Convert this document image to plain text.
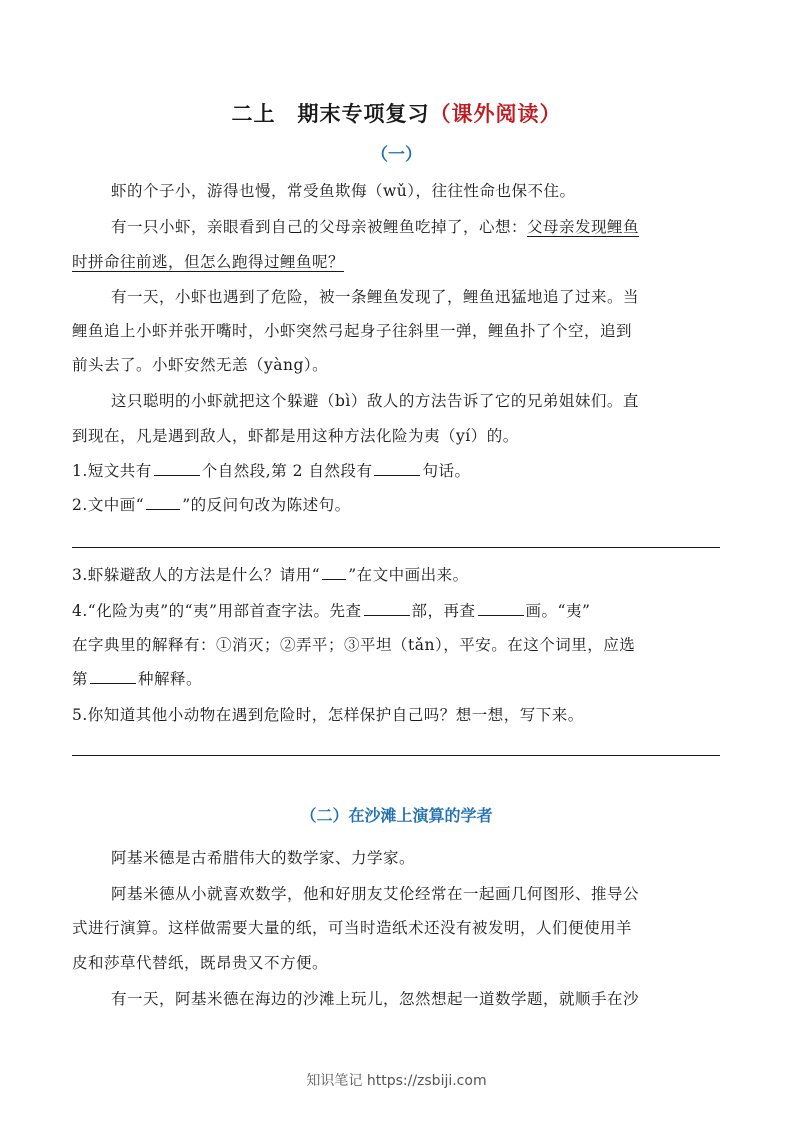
二上　期末专项复习（课外阅读）
（一）
虾的个子小，游得也慢，常受鱼欺侮（wǔ），往往性命也保不住。
有一只小虾，亲眼看到自己的父母亲被鲤鱼吃掉了，心想：父母亲发现鲤鱼
时拼命往前逃，但怎么跑得过鲤鱼呢？
有一天，小虾也遇到了危险，被一条鲤鱼发现了，鲤鱼迅猛地追了过来。当
鲤鱼追上小虾并张开嘴时，小虾突然弓起身子往斜里一弹，鲤鱼扑了个空，追到
前头去了。小虾安然无恙（yàng）。
这只聪明的小虾就把这个躲避（bì）敌人的方法告诉了它的兄弟姐妹们。直
到现在，凡是遇到敌人，虾都是用这种方法化险为夷（yí）的。
1.短文共有	个自然段,第 2 自然段有	句话。
2.文中画“ ”的反问句改为陈述句。
3.虾躲避敌人的方法是什么？请用“ ”在文中画出来。
4.“化险为夷”的“夷”用部首查字法。先查	部，再查	画。“夷”
在字典里的解释有：①消灭；②弄平；③平坦（tǎn），平安。在这个词里，应选
第	种解释。
5.你知道其他小动物在遇到危险时，怎样保护自己吗？想一想，写下来。
（二）在沙滩上演算的学者
阿基米德是古希腊伟大的数学家、力学家。
阿基米德从小就喜欢数学，他和好朋友艾伦经常在一起画几何图形、推导公
式进行演算。这样做需要大量的纸，可当时造纸术还没有被发明，人们便使用羊
皮和莎草代替纸，既昂贵又不方便。
有一天，阿基米德在海边的沙滩上玩儿，忽然想起一道数学题，就顺手在沙
知识笔记 https://zsbiji.com
